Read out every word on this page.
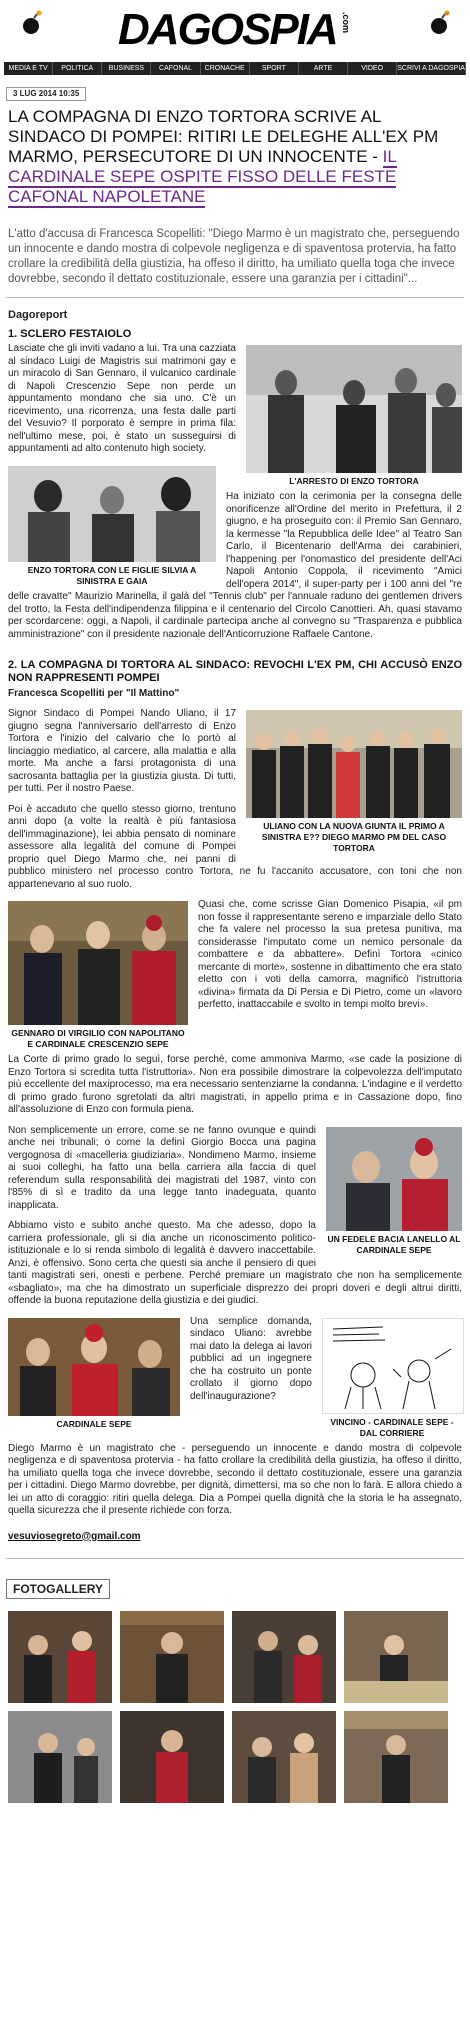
DAGOSPIA .com
MEDIA E TV	POLITICA	BUSINESS	CAFONAL	CRONACHE	SPORT	ARTE	VIDEO	SCRIVI A DAGOSPIA
3 LUG 2014 10:35
LA COMPAGNA DI ENZO TORTORA SCRIVE AL SINDACO DI POMPEI: RITIRI LE DELEGHE ALL'EX PM MARMO, PERSECUTORE DI UN INNOCENTE - IL CARDINALE SEPE OSPITE FISSO DELLE FESTE CAFONAL NAPOLETANE
L'atto d'accusa di Francesca Scopelliti: "Diego Marmo è un magistrato che, perseguendo un innocente e dando mostra di colpevole negligenza e di spaventosa protervia, ha fatto crollare la credibilità della giustizia, ha offeso il diritto, ha umiliato quella toga che invece dovrebbe, secondo il dettato costituzionale, essere una garanzia per i cittadini"...
Dagoreport
1. SCLERO FESTAIOLO
L'ARRESTO DI ENZO TORTORA

Lasciate che gli inviti vadano a lui. Tra una cazziata al sindaco Luigi de Magistris sui matrimoni gay e un miracolo di San Gennaro, il vulcanico cardinale di Napoli Crescenzio Sepe non perde un appuntamento mondano che sia uno. C'è un ricevimento, una ricorrenza, una festa dalle parti del Vesuvio? Il porporato è sempre in prima fila: nell'ultimo mese, poi, è stato un susseguirsi di appuntamenti ad alto contenuto high society.

ENZO TORTORA CON LE FIGLIE SILVIA A SINISTRA E GAIA

Ha iniziato con la cerimonia per la consegna delle onorificenze all'Ordine del merito in Prefettura, il 2 giugno, e ha proseguito con: il Premio San Gennaro, la kermesse "la Repubblica delle Idee" al Teatro San Carlo, il Bicentenario dell'Arma dei carabinieri, l'happening per l'onomastico del presidente dell'Aci Napoli Antonio Coppola, il ricevimento "Amici dell'opera 2014", il super-party per i 100 anni del "re delle cravatte" Maurizio Marinella, il galà del "Tennis club" per l'annuale raduno dei gentlemen drivers del trotto, la Festa dell'indipendenza filippina e il centenario del Circolo Canottieri. Ah, quasi stavamo per scordarcene: oggi, a Napoli, il cardinale partecipa anche al convegno su "Trasparenza e pubblica amministrazione" con il presidente nazionale dell'Anticorruzione Raffaele Cantone.

2. LA COMPAGNA DI TORTORA AL SINDACO: REVOCHI L'EX PM, CHI ACCUSÒ ENZO NON RAPPRESENTI POMPEI
Francesca Scopelliti per "Il Mattino"
ULIANO CON LA NUOVA GIUNTA IL PRIMO A SINISTRA E?? DIEGO MARMO PM DEL CASO TORTORA

Signor Sindaco di Pompei Nando Uliano, il 17 giugno segna l'anniversario dell'arresto di Enzo Tortora e l'inizio del calvario che lo portò al linciaggio mediatico, al carcere, alla malattia e alla morte. Ma anche a farsi protagonista di una sacrosanta battaglia per la giustizia giusta. Di tutti, per tutti. Per il nostro Paese.

Poi è accaduto che quello stesso giorno, trentuno anni dopo (a volte la realtà è più fantasiosa dell'immaginazione), lei abbia pensato di nominare assessore alla legalità del comune di Pompei proprio quel Diego Marmo che, nei panni di pubblico ministero nel processo contro Tortora, ne fu l'accanito accusatore, con toni che non appartenevano al suo ruolo.

GENNARO DI VIRGILIO CON NAPOLITANO E CARDINALE CRESCENZIO SEPE

Quasi che, come scrisse Gian Domenico Pisapia, «il pm non fosse il rappresentante sereno e imparziale dello Stato che fa valere nel processo la sua pretesa punitiva, ma considerasse l'imputato come un nemico personale da combattere e da abbattere». Definì Tortora «cinico mercante di morte», sostenne in dibattimento che era stato eletto con i voti della camorra, magnificò l'istruttoria «divina» firmata da Di Persia e Di Pietro, come un «lavoro perfetto, inattaccabile e svolto in tempi molto brevi».

La Corte di primo grado lo seguì, forse perché, come ammoniva Marmo, «se cade la posizione di Enzo Tortora si scredita tutta l'istruttoria». Non era possibile dimostrare la colpevolezza dell'imputato più eccellente del maxiprocesso, ma era necessario sentenziarne la condanna. L'indagine e il verdetto di primo grado furono sgretolati da altri magistrati, in appello prima e in Cassazione dopo, fino all'assoluzione di Enzo con formula piena.

UN FEDELE BACIA LANELLO AL CARDINALE SEPE

Non semplicemente un errore, come se ne fanno ovunque e quindi anche nei tribunali; o come la definì Giorgio Bocca una pagina vergognosa di «macelleria giudiziaria». Nondimeno Marmo, insieme ai suoi colleghi, ha fatto una bella carriera alla faccia di quel referendum sulla responsabilità dei magistrati del 1987, vinto con l'85% di sì e tradito da una legge tanto inadeguata, quanto inapplicata.

Abbiamo visto e subito anche questo. Ma che adesso, dopo la carriera professionale, gli si dia anche un riconoscimento politico-istituzionale e lo si renda simbolo di legalità è davvero inaccettabile. Anzi, è offensivo. Sono certa che questi sia anche il pensiero di quei tanti magistrati seri, onesti e perbene. Perché premiare un magistrato che non ha semplicemente «sbagliato», ma che ha dimostrato un superficiale disprezzo dei propri doveri e degli altrui diritti, offende la buona reputazione della giustizia e dei giudici.

CARDINALE SEPE	VINCINO - CARDINALE SEPE - DAL CORRIERE

Una semplice domanda, sindaco Uliano: avrebbe mai dato la delega ai lavori pubblici ad un ingegnere che ha costruito un ponte crollato il giorno dopo dell'inaugurazione?

Diego Marmo è un magistrato che - perseguendo un innocente e dando mostra di colpevole negligenza e di spaventosa protervia - ha fatto crollare la credibilità della giustizia, ha offeso il diritto, ha umiliato quella toga che invece dovrebbe, secondo il dettato costituzionale, essere una garanzia per i cittadini. Diego Marmo dovrebbe, per dignità, dimettersi, ma so che non lo farà. E allora chiedo a lei un atto di coraggio: ritiri quella delega. Dia a Pompei quella dignità che la storia le ha assegnato, quella sicurezza che il presente richiede con forza.

vesuviosegreto@gmail.com
FOTOGALLERY
